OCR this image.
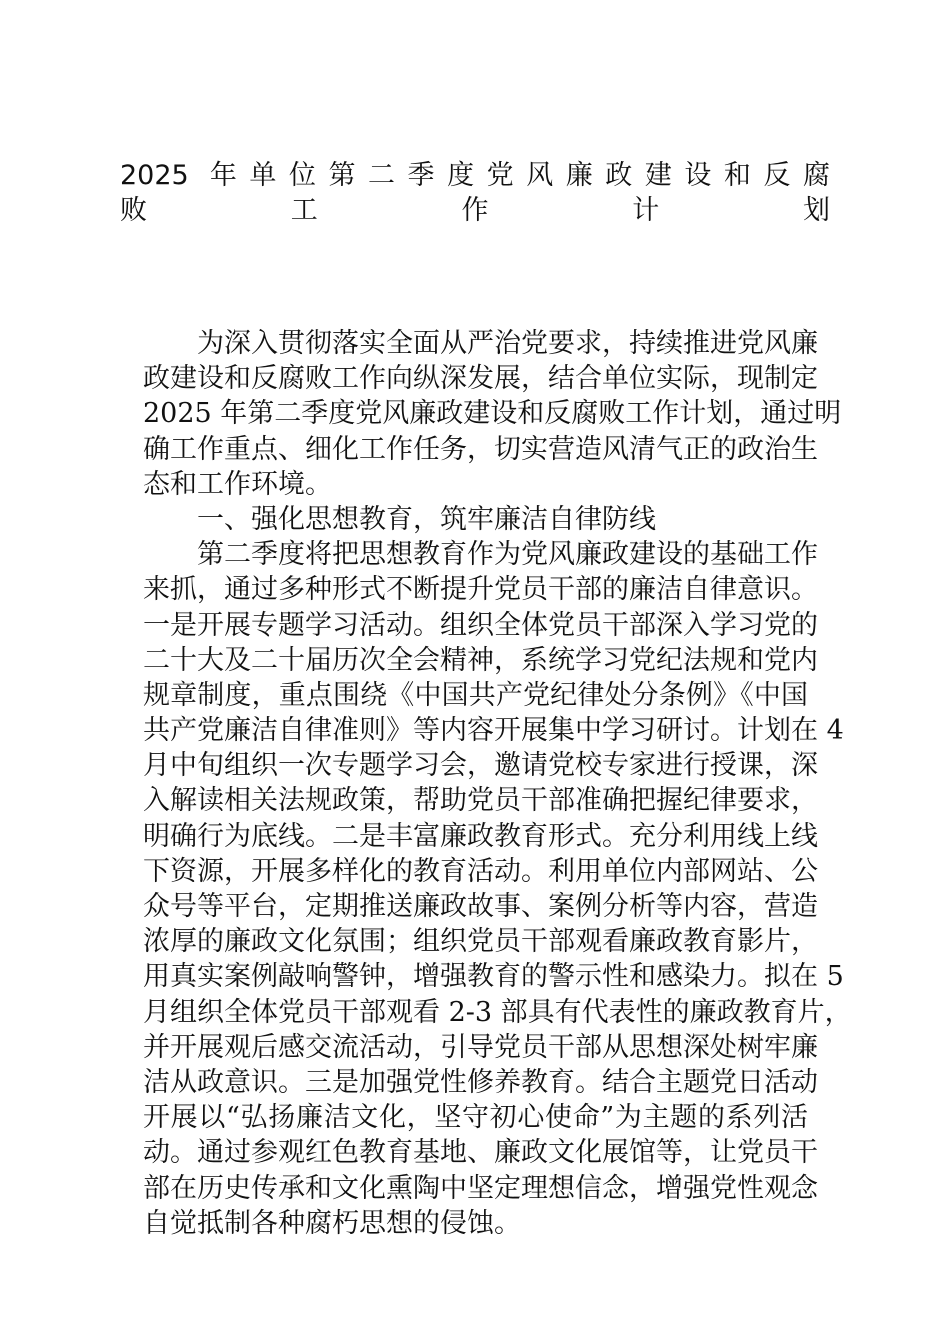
2025 年单位第二季度党风廉政建设和反腐
败工作计划
为深入贯彻落实全面从严治党要求，持续推进党风廉
政建设和反腐败工作向纵深发展，结合单位实际，现制定
2025 年第二季度党风廉政建设和反腐败工作计划，通过明
确工作重点、细化工作任务，切实营造风清气正的政治生
态和工作环境。
一、强化思想教育，筑牢廉洁自律防线
第二季度将把思想教育作为党风廉政建设的基础工作
来抓，通过多种形式不断提升党员干部的廉洁自律意识。
一是开展专题学习活动。组织全体党员干部深入学习党的
二十大及二十届历次全会精神，系统学习党纪法规和党内
规章制度，重点围绕《中国共产党纪律处分条例》《中国
共产党廉洁自律准则》等内容开展集中学习研讨。计划在 4
月中旬组织一次专题学习会，邀请党校专家进行授课，深
入解读相关法规政策，帮助党员干部准确把握纪律要求，
明确行为底线。二是丰富廉政教育形式。充分利用线上线
下资源，开展多样化的教育活动。利用单位内部网站、公
众号等平台，定期推送廉政故事、案例分析等内容，营造
浓厚的廉政文化氛围；组织党员干部观看廉政教育影片，
用真实案例敲响警钟，增强教育的警示性和感染力。拟在 5
月组织全体党员干部观看 2-3 部具有代表性的廉政教育片，
并开展观后感交流活动，引导党员干部从思想深处树牢廉
洁从政意识。三是加强党性修养教育。结合主题党日活动
开展以“弘扬廉洁文化，坚守初心使命”为主题的系列活
动。通过参观红色教育基地、廉政文化展馆等，让党员干
部在历史传承和文化熏陶中坚定理想信念，增强党性观念
自觉抵制各种腐朽思想的侵蚀。
